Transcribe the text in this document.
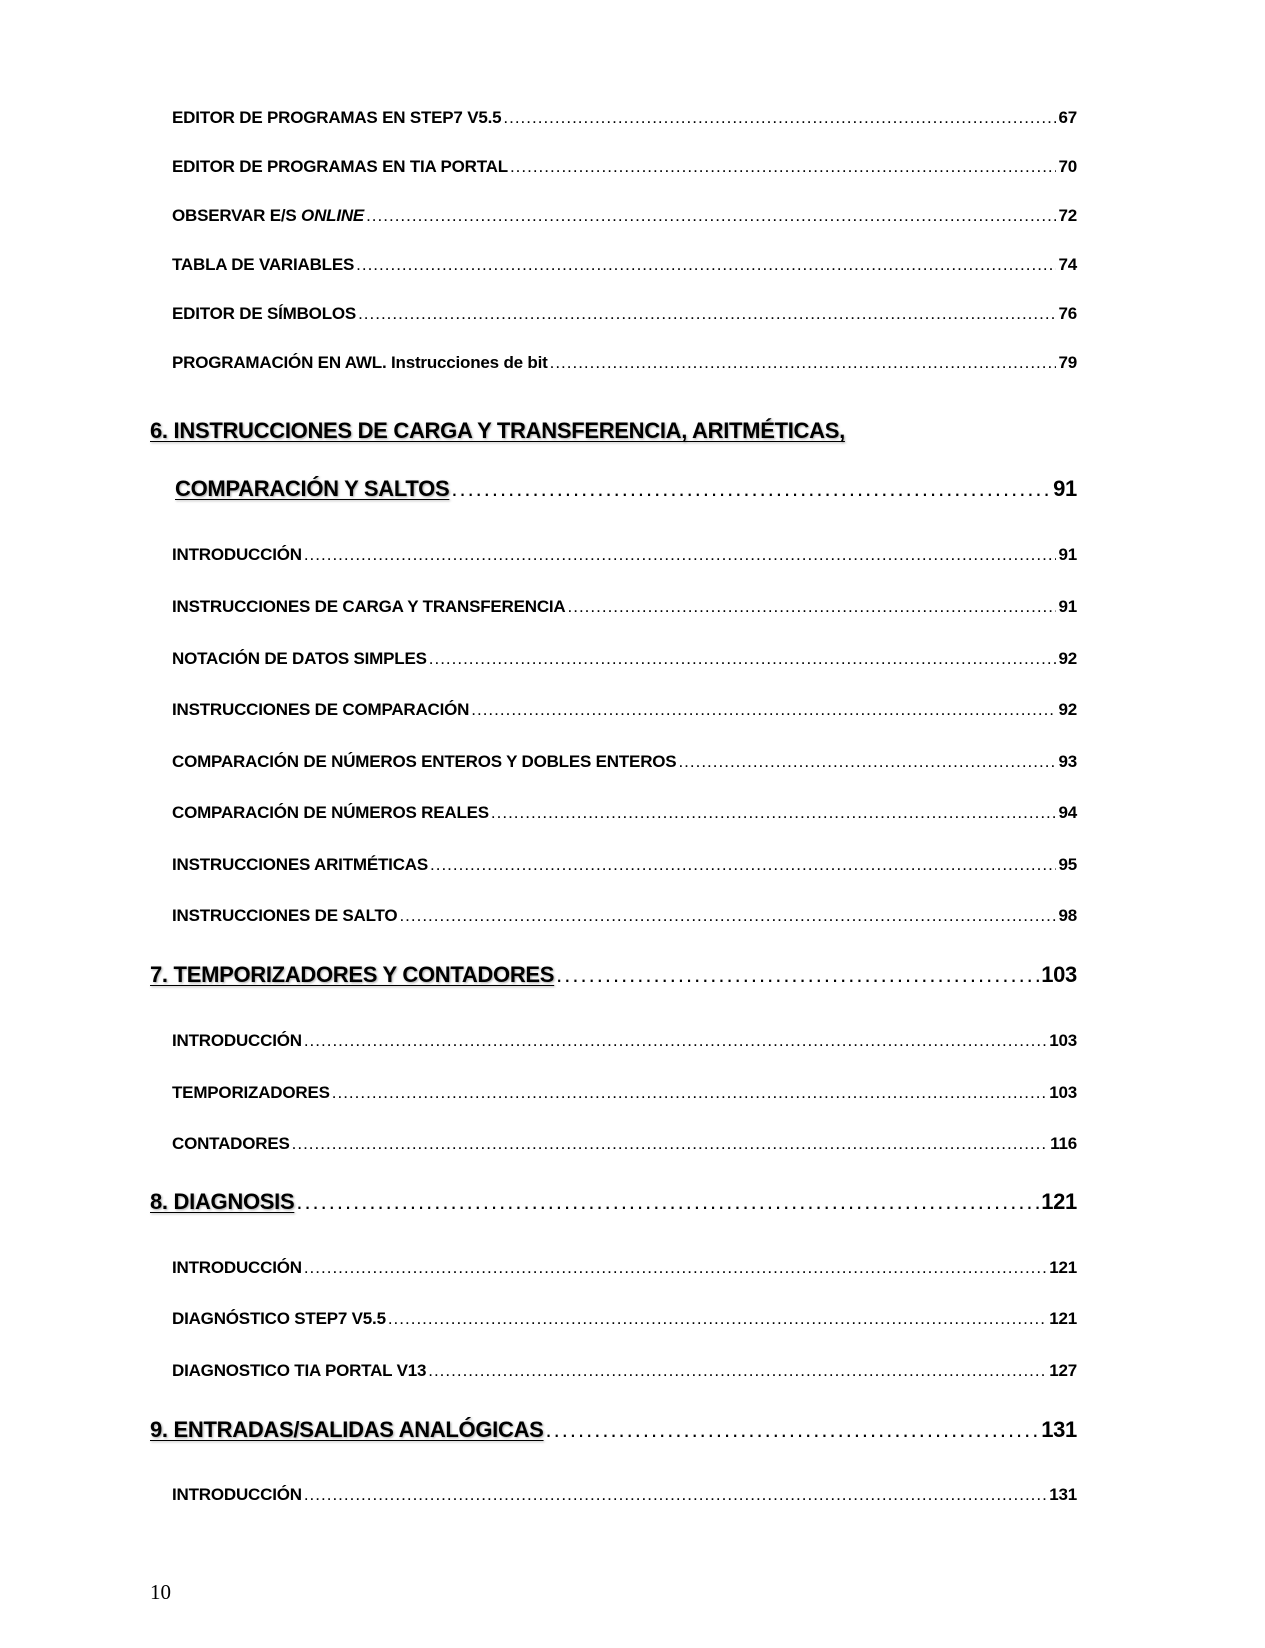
EDITOR DE PROGRAMAS EN STEP7 V5.5 .....	67
EDITOR DE PROGRAMAS EN TIA PORTAL .....	70
OBSERVAR E/S ONLINE .....	72
TABLA DE VARIABLES .....	74
EDITOR DE SÍMBOLOS .....	76
PROGRAMACIÓN EN AWL. Instrucciones de bit .....	79
6. INSTRUCCIONES DE CARGA Y TRANSFERENCIA, ARITMÉTICAS,
COMPARACIÓN Y SALTOS .....	91
INTRODUCCIÓN .....	91
INSTRUCCIONES DE CARGA Y TRANSFERENCIA .....	91
NOTACIÓN DE DATOS SIMPLES .....	92
INSTRUCCIONES DE COMPARACIÓN .....	92
COMPARACIÓN DE NÚMEROS ENTEROS Y DOBLES ENTEROS .....	93
COMPARACIÓN DE NÚMEROS REALES .....	94
INSTRUCCIONES ARITMÉTICAS .....	95
INSTRUCCIONES DE SALTO .....	98
7. TEMPORIZADORES Y CONTADORES .....	103
INTRODUCCIÓN .....	103
TEMPORIZADORES .....	103
CONTADORES .....	116
8. DIAGNOSIS .....	121
INTRODUCCIÓN .....	121
DIAGNÓSTICO STEP7 V5.5 .....	121
DIAGNOSTICO TIA PORTAL V13 .....	127
9. ENTRADAS/SALIDAS ANALÓGICAS .....	131
INTRODUCCIÓN .....	131
10
